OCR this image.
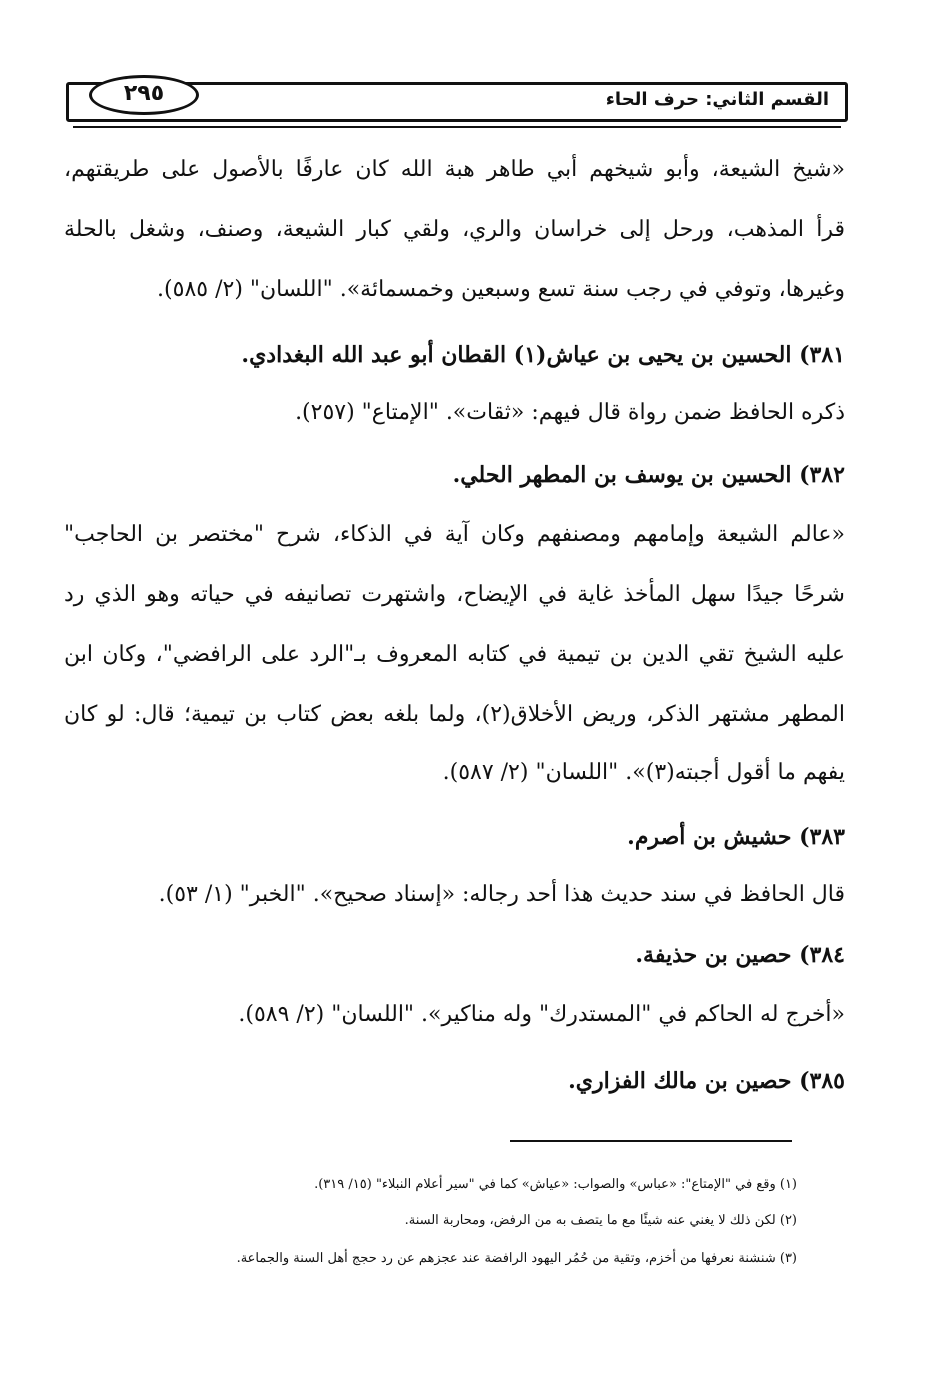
٢٩٥	القسم الثاني: حرف الحاء
«شيخ الشيعة، وأبو شيخهم أبي طاهر هبة الله كان عارفًا بالأصول على طريقتهم،
قرأ المذهب، ورحل إلى خراسان والري، ولقي كبار الشيعة، وصنف، وشغل بالحلة
وغيرها، وتوفي في رجب سنة تسع وسبعين وخمسمائة». "اللسان" (٢/ ٥٨٥).
٣٨١) الحسين بن يحيى بن عياش(١) القطان أبو عبد الله البغدادي.
ذكره الحافظ ضمن رواة قال فيهم: «ثقات». "الإمتاع" (٢٥٧).
٣٨٢) الحسين بن يوسف بن المطهر الحلي.
«عالم الشيعة وإمامهم ومصنفهم وكان آية في الذكاء، شرح "مختصر بن الحاجب"
شرحًا جيدًا سهل المأخذ غاية في الإيضاح، واشتهرت تصانيفه في حياته وهو الذي رد
عليه الشيخ تقي الدين بن تيمية في كتابه المعروف بـ"الرد على الرافضي"، وكان ابن
المطهر مشتهر الذكر، وريض الأخلاق(٢)، ولما بلغه بعض كتاب بن تيمية؛ قال: لو كان
يفهم ما أقول أجبته(٣)». "اللسان" (٢/ ٥٨٧).
٣٨٣) حشيش بن أصرم.
قال الحافظ في سند حديث هذا أحد رجاله: «إسناد صحيح». "الخبر" (١/ ٥٣).
٣٨٤) حصين بن حذيفة.
«أخرج له الحاكم في "المستدرك" وله مناكير». "اللسان" (٢/ ٥٨٩).
٣٨٥) حصين بن مالك الفزاري.
(١) وقع في "الإمتاع": «عباس» والصواب: «عياش» كما في "سير أعلام النبلاء" (١٥/ ٣١٩).
(٢) لكن ذلك لا يغني عنه شيئًا مع ما يتصف به من الرفض، ومحاربة السنة.
(٣) شنشنة نعرفها من أخزم، وتقية من حُمُر اليهود الرافضة عند عجزهم عن رد حجج أهل السنة والجماعة.
